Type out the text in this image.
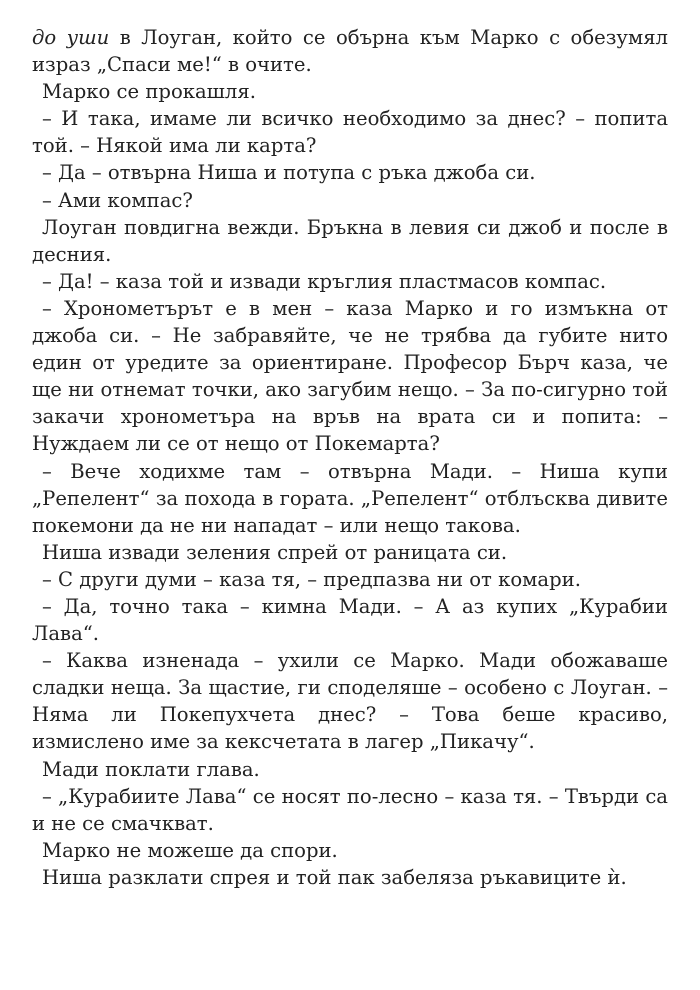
до уши в Лоуган, който се обърна към Марко с обезумял израз „Спаси ме!“ в очите.

Марко се прокашля.

– И така, имаме ли всичко необходимо за днес? – попита той. – Някой има ли карта?

– Да – отвърна Ниша и потупа с ръка джоба си.

– Ами компас?

Лоуган повдигна вежди. Бръкна в левия си джоб и после в десния.

– Да! – каза той и извади кръглия пластмасов компас.

– Хронометърът е в мен – каза Марко и го измъкна от джоба си. – Не забравяйте, че не трябва да губите нито един от уредите за ориентиране. Професор Бърч каза, че ще ни отнемат точки, ако загубим нещо. – За по-сигурно той закачи хронометъра на връв на врата си и попита: – Нуждаем ли се от нещо от Покемарта?

– Вече ходихме там – отвърна Мади. – Ниша купи „Репелент“ за похода в гората. „Репелент“ отблъсква дивите покемони да не ни нападат – или нещо такова.

Ниша извади зеления спрей от раницата си.

– С други думи – каза тя, – предпазва ни от комари.

– Да, точно така – кимна Мади. – А аз купих „Курабии Лава“.

– Каква изненада – ухили се Марко. Мади обожаваше сладки неща. За щастие, ги споделяше – особено с Лоуган. – Няма ли Покепухчета днес? – Това беше красиво, измислено име за кексчетата в лагер „Пикачу“.

Мади поклати глава.

– „Курабиите Лава“ се носят по-лесно – каза тя. – Твърди са и не се смачкват.

Марко не можеше да спори.

Ниша разклати спрея и той пак забеляза ръкавиците ѝ.
